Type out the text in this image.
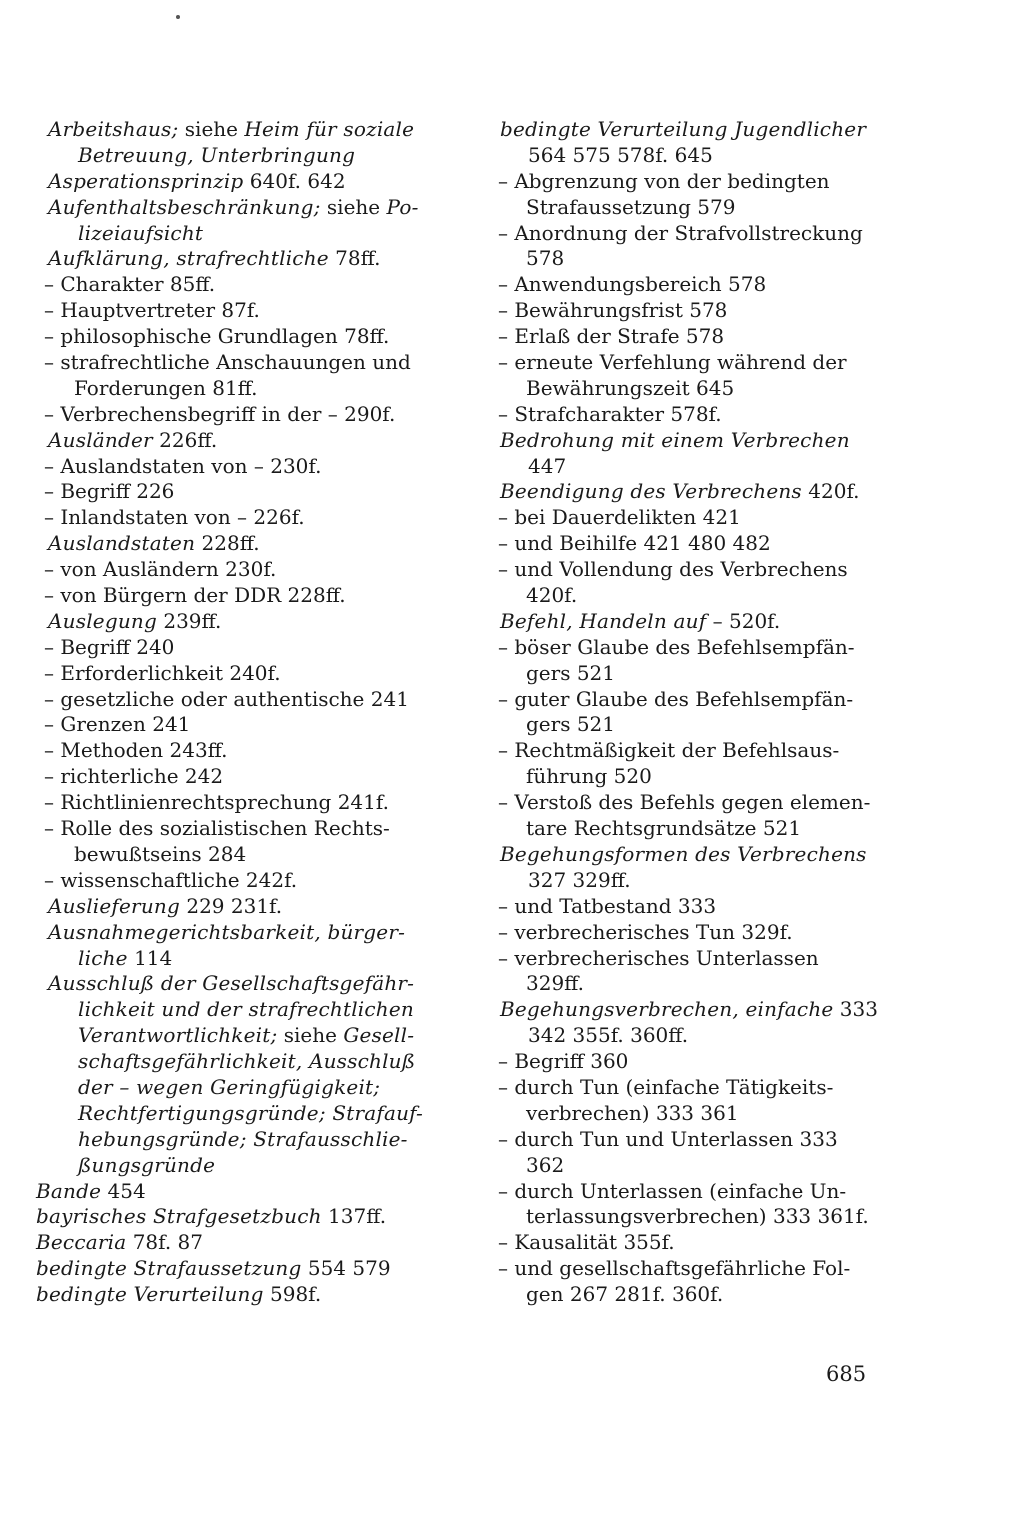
Arbeitshaus; siehe Heim für soziale
Betreuung, Unterbringung
Asperationsprinzip 640f. 642
Aufenthaltsbeschränkung; siehe Po-
lizeiaufsicht
Aufklärung, strafrechtliche 78ff.
– Charakter 85ff.
– Hauptvertreter 87f.
– philosophische Grundlagen 78ff.
– strafrechtliche Anschauungen und
Forderungen 81ff.
– Verbrechensbegriff in der – 290f.
Ausländer 226ff.
– Auslandstaten von – 230f.
– Begriff 226
– Inlandstaten von – 226f.
Auslandstaten 228ff.
– von Ausländern 230f.
– von Bürgern der DDR 228ff.
Auslegung 239ff.
– Begriff 240
– Erforderlichkeit 240f.
– gesetzliche oder authentische 241
– Grenzen 241
– Methoden 243ff.
– richterliche 242
– Richtlinienrechtsprechung 241f.
– Rolle des sozialistischen Rechts-
bewußtseins 284
– wissenschaftliche 242f.
Auslieferung 229 231f.
Ausnahmegerichtsbarkeit, bürger-
liche 114
Ausschluß der Gesellschaftsgefähr-
lichkeit und der strafrechtlichen
Verantwortlichkeit; siehe Gesell-
schaftsgefährlichkeit, Ausschluß
der – wegen Geringfügigkeit;
Rechtfertigungsgründe; Strafauf-
hebungsgründe; Strafausschlie-
ßungsgründe
Bande 454
bayrisches Strafgesetzbuch 137ff.
Beccaria 78f. 87
bedingte Strafaussetzung 554 579
bedingte Verurteilung 598f.
bedingte Verurteilung Jugendlicher
564 575 578f. 645
– Abgrenzung von der bedingten
Strafaussetzung 579
– Anordnung der Strafvollstreckung
578
– Anwendungsbereich 578
– Bewährungsfrist 578
– Erlaß der Strafe 578
– erneute Verfehlung während der
Bewährungszeit 645
– Strafcharakter 578f.
Bedrohung mit einem Verbrechen
447
Beendigung des Verbrechens 420f.
– bei Dauerdelikten 421
– und Beihilfe 421 480 482
– und Vollendung des Verbrechens
420f.
Befehl, Handeln auf – 520f.
– böser Glaube des Befehlsempfän-
gers 521
– guter Glaube des Befehlsempfän-
gers 521
– Rechtmäßigkeit der Befehlsaus-
führung 520
– Verstoß des Befehls gegen elemen-
tare Rechtsgrundsätze 521
Begehungsformen des Verbrechens
327 329ff.
– und Tatbestand 333
– verbrecherisches Tun 329f.
– verbrecherisches Unterlassen
329ff.
Begehungsverbrechen, einfache 333
342 355f. 360ff.
– Begriff 360
– durch Tun (einfache Tätigkeits-
verbrechen) 333 361
– durch Tun und Unterlassen 333
362
– durch Unterlassen (einfache Un-
terlassungsverbrechen) 333 361f.
– Kausalität 355f.
– und gesellschaftsgefährliche Fol-
gen 267 281f. 360f.
685
